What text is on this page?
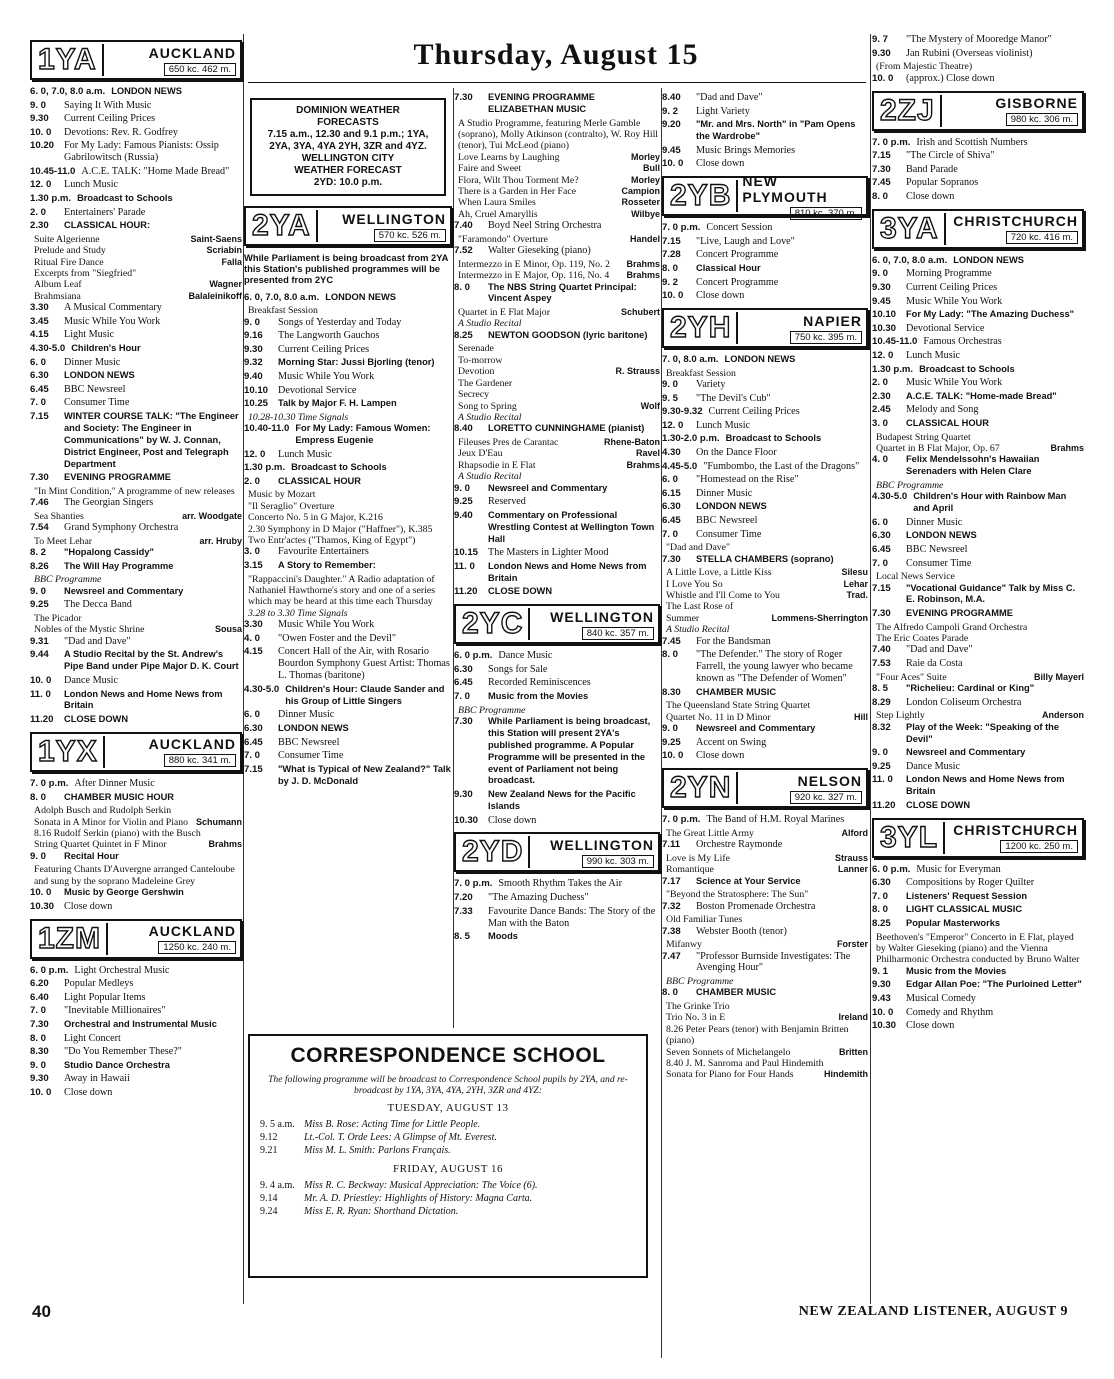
Thursday, August 15
1YA	AUCKLAND
650 kc. 462 m.
6. 0, 7.0, 8.0 a.m. LONDON NEWS
9. 0	Saying It With Music
9.30	Current Ceiling Prices
10. 0	Devotions: Rev. R. Godfrey
10.20 For My Lady: Famous Pianists: Ossip Gabrilowitsch (Russia)
10.45-11.0 A.C.E. TALK: "Home Made Bread"
12. 0	Lunch Music
1.30 p.m. Broadcast to Schools
2. 0	Entertainers' Parade
2.30	CLASSICAL HOUR:
Suite Algerienne	Saint-Saens
Prelude and Study	Scriabin
Ritual Fire Dance	Falla
Excerpts from "Siegfried"
Album Leaf	Wagner
Brahmsiana	Balaleinikoff
3.30	A Musical Commentary
3.45	Music While You Work
4.15	Light Music
4.30-5.0 Children's Hour
6. 0	Dinner Music
6.30	LONDON NEWS
6.45	BBC Newsreel
7. 0	Consumer Time
7.15	WINTER COURSE TALK: "The Engineer and Society: The Engineer in Communications" by W. J. Connan, District Engineer, Post and Telegraph Department
7.30	EVENING PROGRAMME
"In Mint Condition," A programme of new releases
7.46	The Georgian Singers
Sea Shanties	arr. Woodgate
7.54	Grand Symphony Orchestra
To Meet Lehar	arr. Hruby
8. 2	"Hopalong Cassidy"
8.26	The Will Hay Programme
BBC Programme
9. 0	Newsreel and Commentary
9.25	The Decca Band
The Picador
Nobles of the Mystic Shrine	Sousa
9.31	"Dad and Dave"
9.44	A Studio Recital by the St. Andrew's Pipe Band under Pipe Major D. K. Court
10. 0	Dance Music
11. 0	London News and Home News from Britain
11.20	CLOSE DOWN
1YX	AUCKLAND
880 kc. 341 m.
7. 0 p.m. After Dinner Music
8. 0	CHAMBER MUSIC HOUR
Adolph Busch and Rudolph Serkin
Sonata in A Minor for Violin and Piano Schumann
8.16 Rudolf Serkin (piano) with the Busch String Quartet Quintet in F Minor	Brahms
9. 0	Recital Hour
Featuring Chants D'Auvergne arranged Canteloube and sung by the soprano Madeleine Grey
10. 0	Music by George Gershwin
10.30 Close down
1ZM	AUCKLAND
1250 kc. 240 m.
6. 0 p.m. Light Orchestral Music
6.20	Popular Medleys
6.40	Light Popular Items
7. 0	"Inevitable Millionaires"
7.30	Orchestral and Instrumental Music
8. 0	Light Concert
8.30	"Do You Remember These?"
9. 0	Studio Dance Orchestra
9.30	Away in Hawaii
10. 0	Close down
DOMINION WEATHER
FORECASTS
7.15 a.m., 12.30 and 9.1 p.m.; 1YA, 2YA, 3YA, 4YA 2YH, 3ZR and 4YZ.
WELLINGTON CITY
WEATHER FORECAST
2YD: 10.0 p.m.
2YA	WELLINGTON
570 kc. 526 m.
While Parliament is being broadcast from 2YA this Station's published programmes will be presented from 2YC
6. 0, 7.0, 8.0 a.m. LONDON NEWS
Breakfast Session
9. 0	Songs of Yesterday and Today
9.16	The Langworth Gauchos
9.30	Current Ceiling Prices
9.32	Morning Star: Jussi Bjorling (tenor)
9.40	Music While You Work
10.10 Devotional Service
10.25	Talk by Major F. H. Lampen
10.28-10.30 Time Signals
10.40-11.0 For My Lady: Famous Women: Empress Eugenie
12. 0	Lunch Music
1.30 p.m. Broadcast to Schools
2. 0	CLASSICAL HOUR
Music by Mozart
"Il Seraglio" Overture
Concerto No. 5 in G Major, K.216
2.30 Symphony in D Major ("Haffner"), K.385
Two Entr'actes ("Thamos, King of Egypt")
3. 0	Favourite Entertainers
3.15	A Story to Remember:
"Rappaccini's Daughter." A Radio adaptation of Nathaniel Hawthorne's story and one of a series which may be heard at this time each Thursday
3.28 to 3.30 Time Signals
3.30	Music While You Work
4. 0	"Owen Foster and the Devil"
4.15	Concert Hall of the Air, with Rosario Bourdon Symphony Guest Artist: Thomas L. Thomas (baritone)
4.30-5.0 Children's Hour: Claude Sander and his Group of Little Singers
6. 0	Dinner Music
6.30	LONDON NEWS
6.45	BBC Newsreel
7. 0	Consumer Time
7.15	"What is Typical of New Zealand?" Talk by J. D. McDonald
7.30	EVENING PROGRAMME ELIZABETHAN MUSIC
A Studio Programme, featuring Merle Gamble (soprano), Molly Atkinson (contralto), W. Roy Hill (tenor), Tui McLeod (piano)
Love Learns by Laughing	Morley
Faire and Sweet	Bull
Flora, Wilt Thou Torment Me?	Morley
There is a Garden in Her Face	Campion
When Laura Smiles	Rosseter
Ah, Cruel Amaryllis	Wilbye
7.40	Boyd Neel String Orchestra
"Faramondo" Overture	Handel
7.52	Walter Gieseking (piano)
Intermezzo in E Minor, Op. 119, No. 2	Brahms
Intermezzo in E Major, Op. 116, No. 4	Brahms
8. 0	The NBS String Quartet Principal: Vincent Aspey
Quartet in E Flat Major	Schubert
A Studio Recital
8.25	NEWTON GOODSON (lyric baritone)
Serenade
To-morrow
Devotion	R. Strauss
The Gardener
Secrecy
Song to Spring	Wolf
A Studio Recital
8.40	LORETTO CUNNINGHAME (pianist)
Fileuses Pres de Carantac	Rhene-Baton
Jeux D'Eau	Ravel
Rhapsodie in E Flat	Brahms
A Studio Recital
9. 0	Newsreel and Commentary
9.25	Reserved
9.40	Commentary on Professional Wrestling Contest at Wellington Town Hall
10.15 The Masters in Lighter Mood
11. 0	London News and Home News from Britain
11.20	CLOSE DOWN
2YC	WELLINGTON
840 kc. 357 m.
6. 0 p.m. Dance Music
6.30	Songs for Sale
6.45	Recorded Reminiscences
7. 0	Music from the Movies
BBC Programme
7.30	While Parliament is being broadcast, this Station will present 2YA's published programme. A Popular Programme will be presented in the event of Parliament not being broadcast.
9.30	New Zealand News for the Pacific Islands
10.30 Close down
2YD	WELLINGTON
990 kc. 303 m.
7. 0 p.m. Smooth Rhythm Takes the Air
7.20	"The Amazing Duchess"
7.33	Favourite Dance Bands: The Story of the Man with the Baton
8. 5	Moods
8.40	"Dad and Dave"
9. 2	Light Variety
9.20	"Mr. and Mrs. North" in "Pam Opens the Wardrobe"
9.45	Music Brings Memories
10. 0	Close down
2YB NEW PLYMOUTH
810 kc. 370 m.
7. 0 p.m. Concert Session
7.15	"Live, Laugh and Love"
7.28	Concert Programme
8. 0	Classical Hour
9. 2	Concert Programme
10. 0	Close down
2YH	NAPIER
750 kc. 395 m.
7. 0, 8.0 a.m. LONDON NEWS
Breakfast Session
9. 0	Variety
9. 5	"The Devil's Cub"
9.30-9.32 Current Ceiling Prices
12. 0	Lunch Music
1.30-2.0 p.m. Broadcast to Schools
4.30	On the Dance Floor
4.45-5.0 "Fumbombo, the Last of the Dragons"
6. 0	"Homestead on the Rise"
6.15	Dinner Music
6.30	LONDON NEWS
6.45	BBC Newsreel
7. 0	Consumer Time
"Dad and Dave"
7.30	STELLA CHAMBERS (soprano)
A Little Love, a Little Kiss	Silesu
I Love You So	Lehar
Whistle and I'll Come to You	Trad.
The Last Rose of Summer	Lommens-Sherrington
A Studio Recital
7.45	For the Bandsman
8. 0	"The Defender." The story of Roger Farrell, the young lawyer who became known as "The Defender of Women"
8.30	CHAMBER MUSIC
The Queensland State String Quartet
Quartet No. 11 in D Minor	Hill
9. 0	Newsreel and Commentary
9.25	Accent on Swing
10. 0	Close down
2YN	NELSON
920 kc. 327 m.
7. 0 p.m. The Band of H.M. Royal Marines
The Great Little Army	Alford
7.11	Orchestre Raymonde
Love is My Life	Strauss
Romantique	Lanner
7.17	Science at Your Service
"Beyond the Stratosphere: The Sun"
7.32	Boston Promenade Orchestra
Old Familiar Tunes
7.38	Webster Booth (tenor)
Mifanwy	Forster
7.47	"Professor Burnside Investigates: The Avenging Hour"
BBC Programme
8. 0	CHAMBER MUSIC
The Grinke Trio
Trio No. 3 in E	Ireland
8.26 Peter Pears (tenor) with Benjamin Britten (piano)
Seven Sonnets of Michelangelo	Britten
8.40 J. M. Sanroma and Paul Hindemith
Sonata for Piano for Four Hands	Hindemith
9. 7	"The Mystery of Mooredge Manor"
9.30	Jan Rubini (Overseas violinist)
(From Majestic Theatre)
10. 0	(approx.) Close down
2ZJ	GISBORNE
980 kc. 306 m.
7. 0 p.m. Irish and Scottish Numbers
7.15	"The Circle of Shiva"
7.30	Band Parade
7.45	Popular Sopranos
8. 0	Close down
3YA	CHRISTCHURCH
720 kc. 416 m.
6. 0, 7.0, 8.0 a.m. LONDON NEWS
9. 0	Morning Programme
9.30	Current Ceiling Prices
9.45	Music While You Work
10.10	For My Lady: "The Amazing Duchess"
10.30 Devotional Service
10.45-11.0 Famous Orchestras
12. 0	Lunch Music
1.30 p.m. Broadcast to Schools
2. 0	Music While You Work
2.30	A.C.E. TALK: "Home-made Bread"
2.45	Melody and Song
3. 0	CLASSICAL HOUR
Budapest String Quartet
Quartet in B Flat Major, Op. 67	Brahms
4. 0	Felix Mendelssohn's Hawaiian Serenaders with Helen Clare
BBC Programme
4.30-5.0 Children's Hour with Rainbow Man and April
6. 0	Dinner Music
6.30	LONDON NEWS
6.45	BBC Newsreel
7. 0	Consumer Time
Local News Service
7.15	"Vocational Guidance" Talk by Miss C. E. Robinson, M.A.
7.30	EVENING PROGRAMME
The Alfredo Campoli Grand Orchestra
The Eric Coates Parade
7.40	"Dad and Dave"
7.53	Raie da Costa
"Four Aces" Suite	Billy Mayerl
8. 5	"Richelieu: Cardinal or King"
8.29	London Coliseum Orchestra
Step Lightly	Anderson
8.32	Play of the Week: "Speaking of the Devil"
9. 0	Newsreel and Commentary
9.25	Dance Music
11. 0	London News and Home News from Britain
11.20	CLOSE DOWN
3YL	CHRISTCHURCH
1200 kc. 250 m.
6. 0 p.m. Music for Everyman
6.30	Compositions by Roger Quilter
7. 0	Listeners' Request Session
8. 0	LIGHT CLASSICAL MUSIC
8.25	Popular Masterworks
Beethoven's "Emperor" Concerto in E Flat, played by Walter Gieseking (piano) and the Vienna Philharmonic Orchestra conducted by Bruno Walter
9. 1	Music from the Movies
9.30	Edgar Allan Poe: "The Purloined Letter"
9.43	Musical Comedy
10. 0	Comedy and Rhythm
10.30 Close down
CORRESPONDENCE SCHOOL

The following programme will be broadcast to Correspondence School pupils by 2YA, and re-broadcast by 1YA, 3YA, 4YA, 2YH, 3ZR and 4YZ:

TUESDAY, AUGUST 13
9. 5 a.m. Miss B. Rose: Acting Time for Little People.
9.12	Lt.-Col. T. Orde Lees: A Glimpse of Mt. Everest.
9.21	Miss M. L. Smith: Parlons Français.
FRIDAY, AUGUST 16
9. 4 a.m. Miss R. C. Beckway: Musical Appreciation: The Voice (6).
9.14	Mr. A. D. Priestley: Highlights of History: Magna Carta.
9.24	Miss E. R. Ryan: Shorthand Dictation.
40	NEW ZEALAND LISTENER, AUGUST 9
